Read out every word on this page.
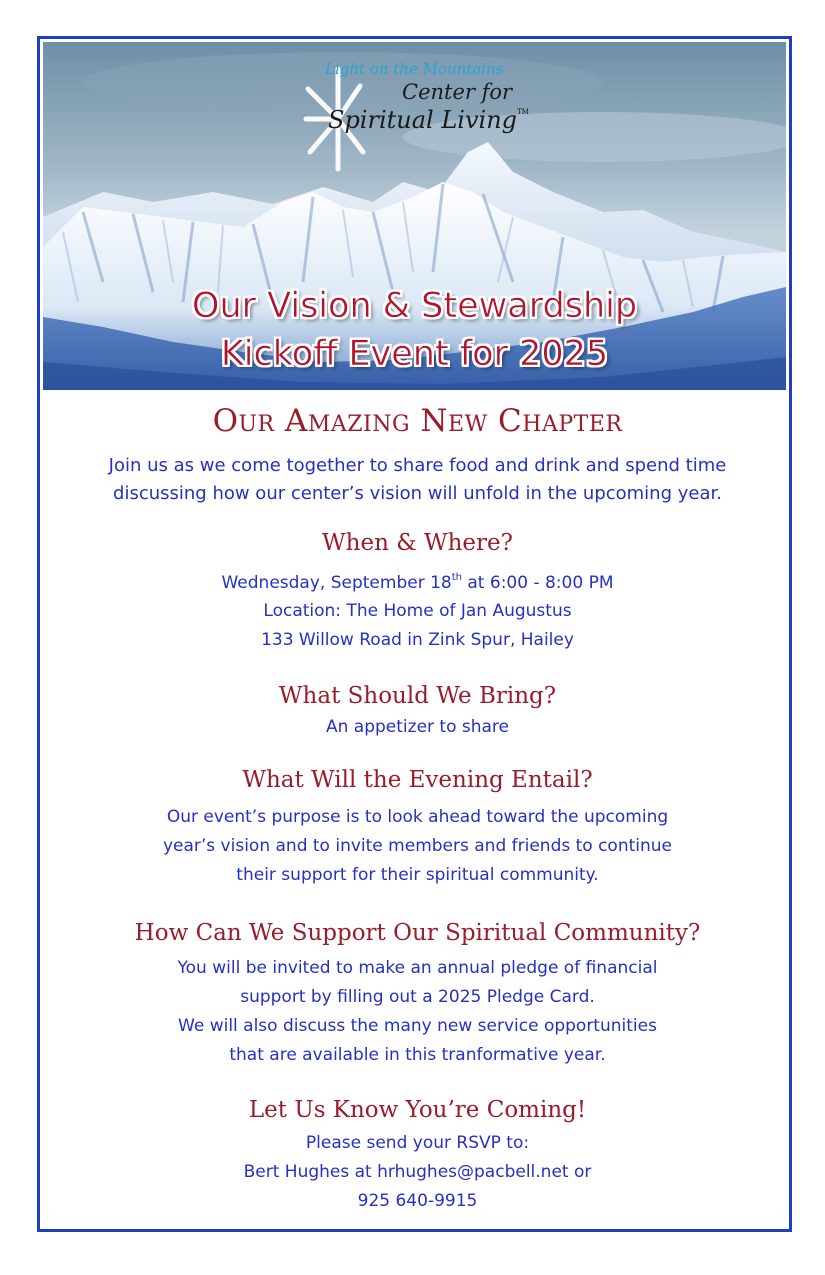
Light on the Mountains
Center for
Spiritual Living™
Our Vision & Stewardship
Kickoff Event for 2025
Our Amazing New Chapter
Join us as we come together to share food and drink and spend time
discussing how our center’s vision will unfold in the upcoming year.
When & Where?
Wednesday, September 18th at 6:00 - 8:00 PM
Location: The Home of Jan Augustus
133 Willow Road in Zink Spur, Hailey
What Should We Bring?
An appetizer to share
What Will the Evening Entail?
Our event’s purpose is to look ahead toward the upcoming
year’s vision and to invite members and friends to continue
their support for their spiritual community.
How Can We Support Our Spiritual Community?
You will be invited to make an annual pledge of financial
support by filling out a 2025 Pledge Card.
We will also discuss the many new service opportunities
that are available in this tranformative year.
Let Us Know You’re Coming!
Please send your RSVP to:
Bert Hughes at hrhughes@pacbell.net or
925 640-9915
